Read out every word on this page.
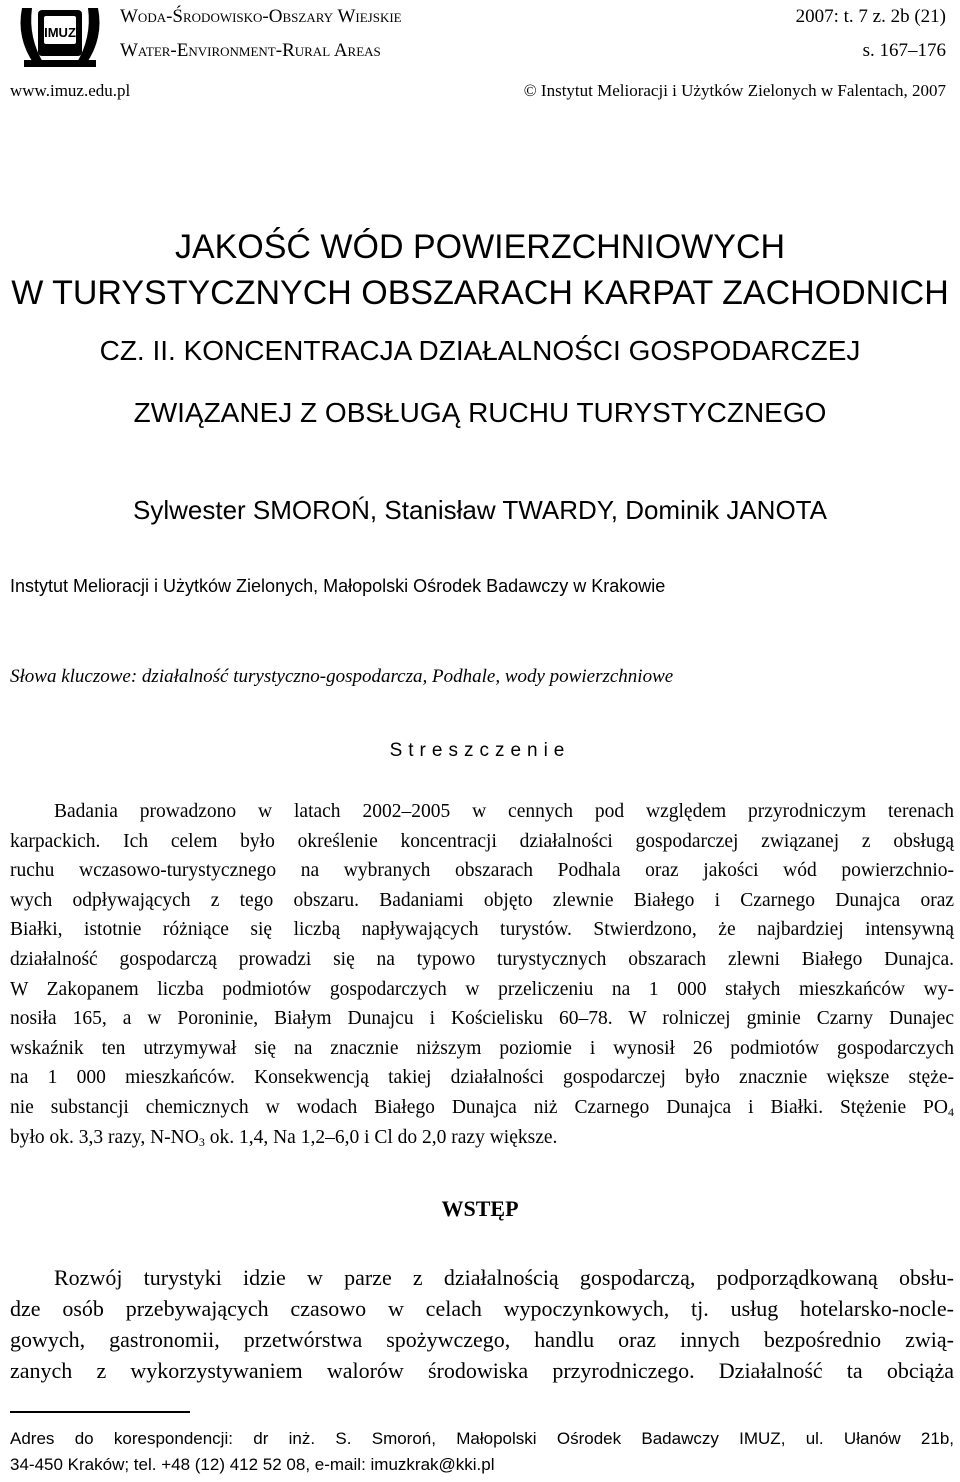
IMUZ
Woda-Środowisko-Obszary Wiejskie
Water-Environment-Rural Areas
2007: t. 7 z. 2b (21)
s. 167–176
www.imuz.edu.pl	© Instytut Melioracji i Użytków Zielonych w Falentach, 2007
JAKOŚĆ WÓD POWIERZCHNIOWYCH
W TURYSTYCZNYCH OBSZARACH KARPAT ZACHODNICH
CZ. II. KONCENTRACJA DZIAŁALNOŚCI GOSPODARCZEJ
ZWIĄZANEJ Z OBSŁUGĄ RUCHU TURYSTYCZNEGO
Sylwester SMOROŃ, Stanisław TWARDY, Dominik JANOTA
Instytut Melioracji i Użytków Zielonych, Małopolski Ośrodek Badawczy w Krakowie
Słowa kluczowe: działalność turystyczno-gospodarcza, Podhale, wody powierzchniowe
Streszczenie
Badania prowadzono w latach 2002–2005 w cennych pod względem przyrodniczym terenach
karpackich. Ich celem było określenie koncentracji działalności gospodarczej związanej z obsługą
ruchu wczasowo-turystycznego na wybranych obszarach Podhala oraz jakości wód powierzchnio-
wych odpływających z tego obszaru. Badaniami objęto zlewnie Białego i Czarnego Dunajca oraz
Białki, istotnie różniące się liczbą napływających turystów. Stwierdzono, że najbardziej intensywną
działalność gospodarczą prowadzi się na typowo turystycznych obszarach zlewni Białego Dunajca.
W Zakopanem liczba podmiotów gospodarczych w przeliczeniu na 1 000 stałych mieszkańców wy-
nosiła 165, a w Poroninie, Białym Dunajcu i Kościelisku 60–78. W rolniczej gminie Czarny Dunajec
wskaźnik ten utrzymywał się na znacznie niższym poziomie i wynosił 26 podmiotów gospodarczych
na 1 000 mieszkańców. Konsekwencją takiej działalności gospodarczej było znacznie większe stęże-
nie substancji chemicznych w wodach Białego Dunajca niż Czarnego Dunajca i Białki. Stężenie $PO_4$
było ok. 3,3 razy, $N-NO_3$ ok. 1,4, Na 1,2–6,0 i Cl do 2,0 razy większe.
WSTĘP
Rozwój turystyki idzie w parze z działalnością gospodarczą, podporządkowaną obsłu-
dze osób przebywających czasowo w celach wypoczynkowych, tj. usług hotelarsko-nocle-
gowych, gastronomii, przetwórstwa spożywczego, handlu oraz innych bezpośrednio zwią-
zanych z wykorzystywaniem walorów środowiska przyrodniczego. Działalność ta obciąża
Adres do korespondencji: dr inż. S. Smoroń, Małopolski Ośrodek Badawczy IMUZ, ul. Ułanów 21b,
34-450 Kraków; tel. +48 (12) 412 52 08, e-mail: imuzkrak@kki.pl
